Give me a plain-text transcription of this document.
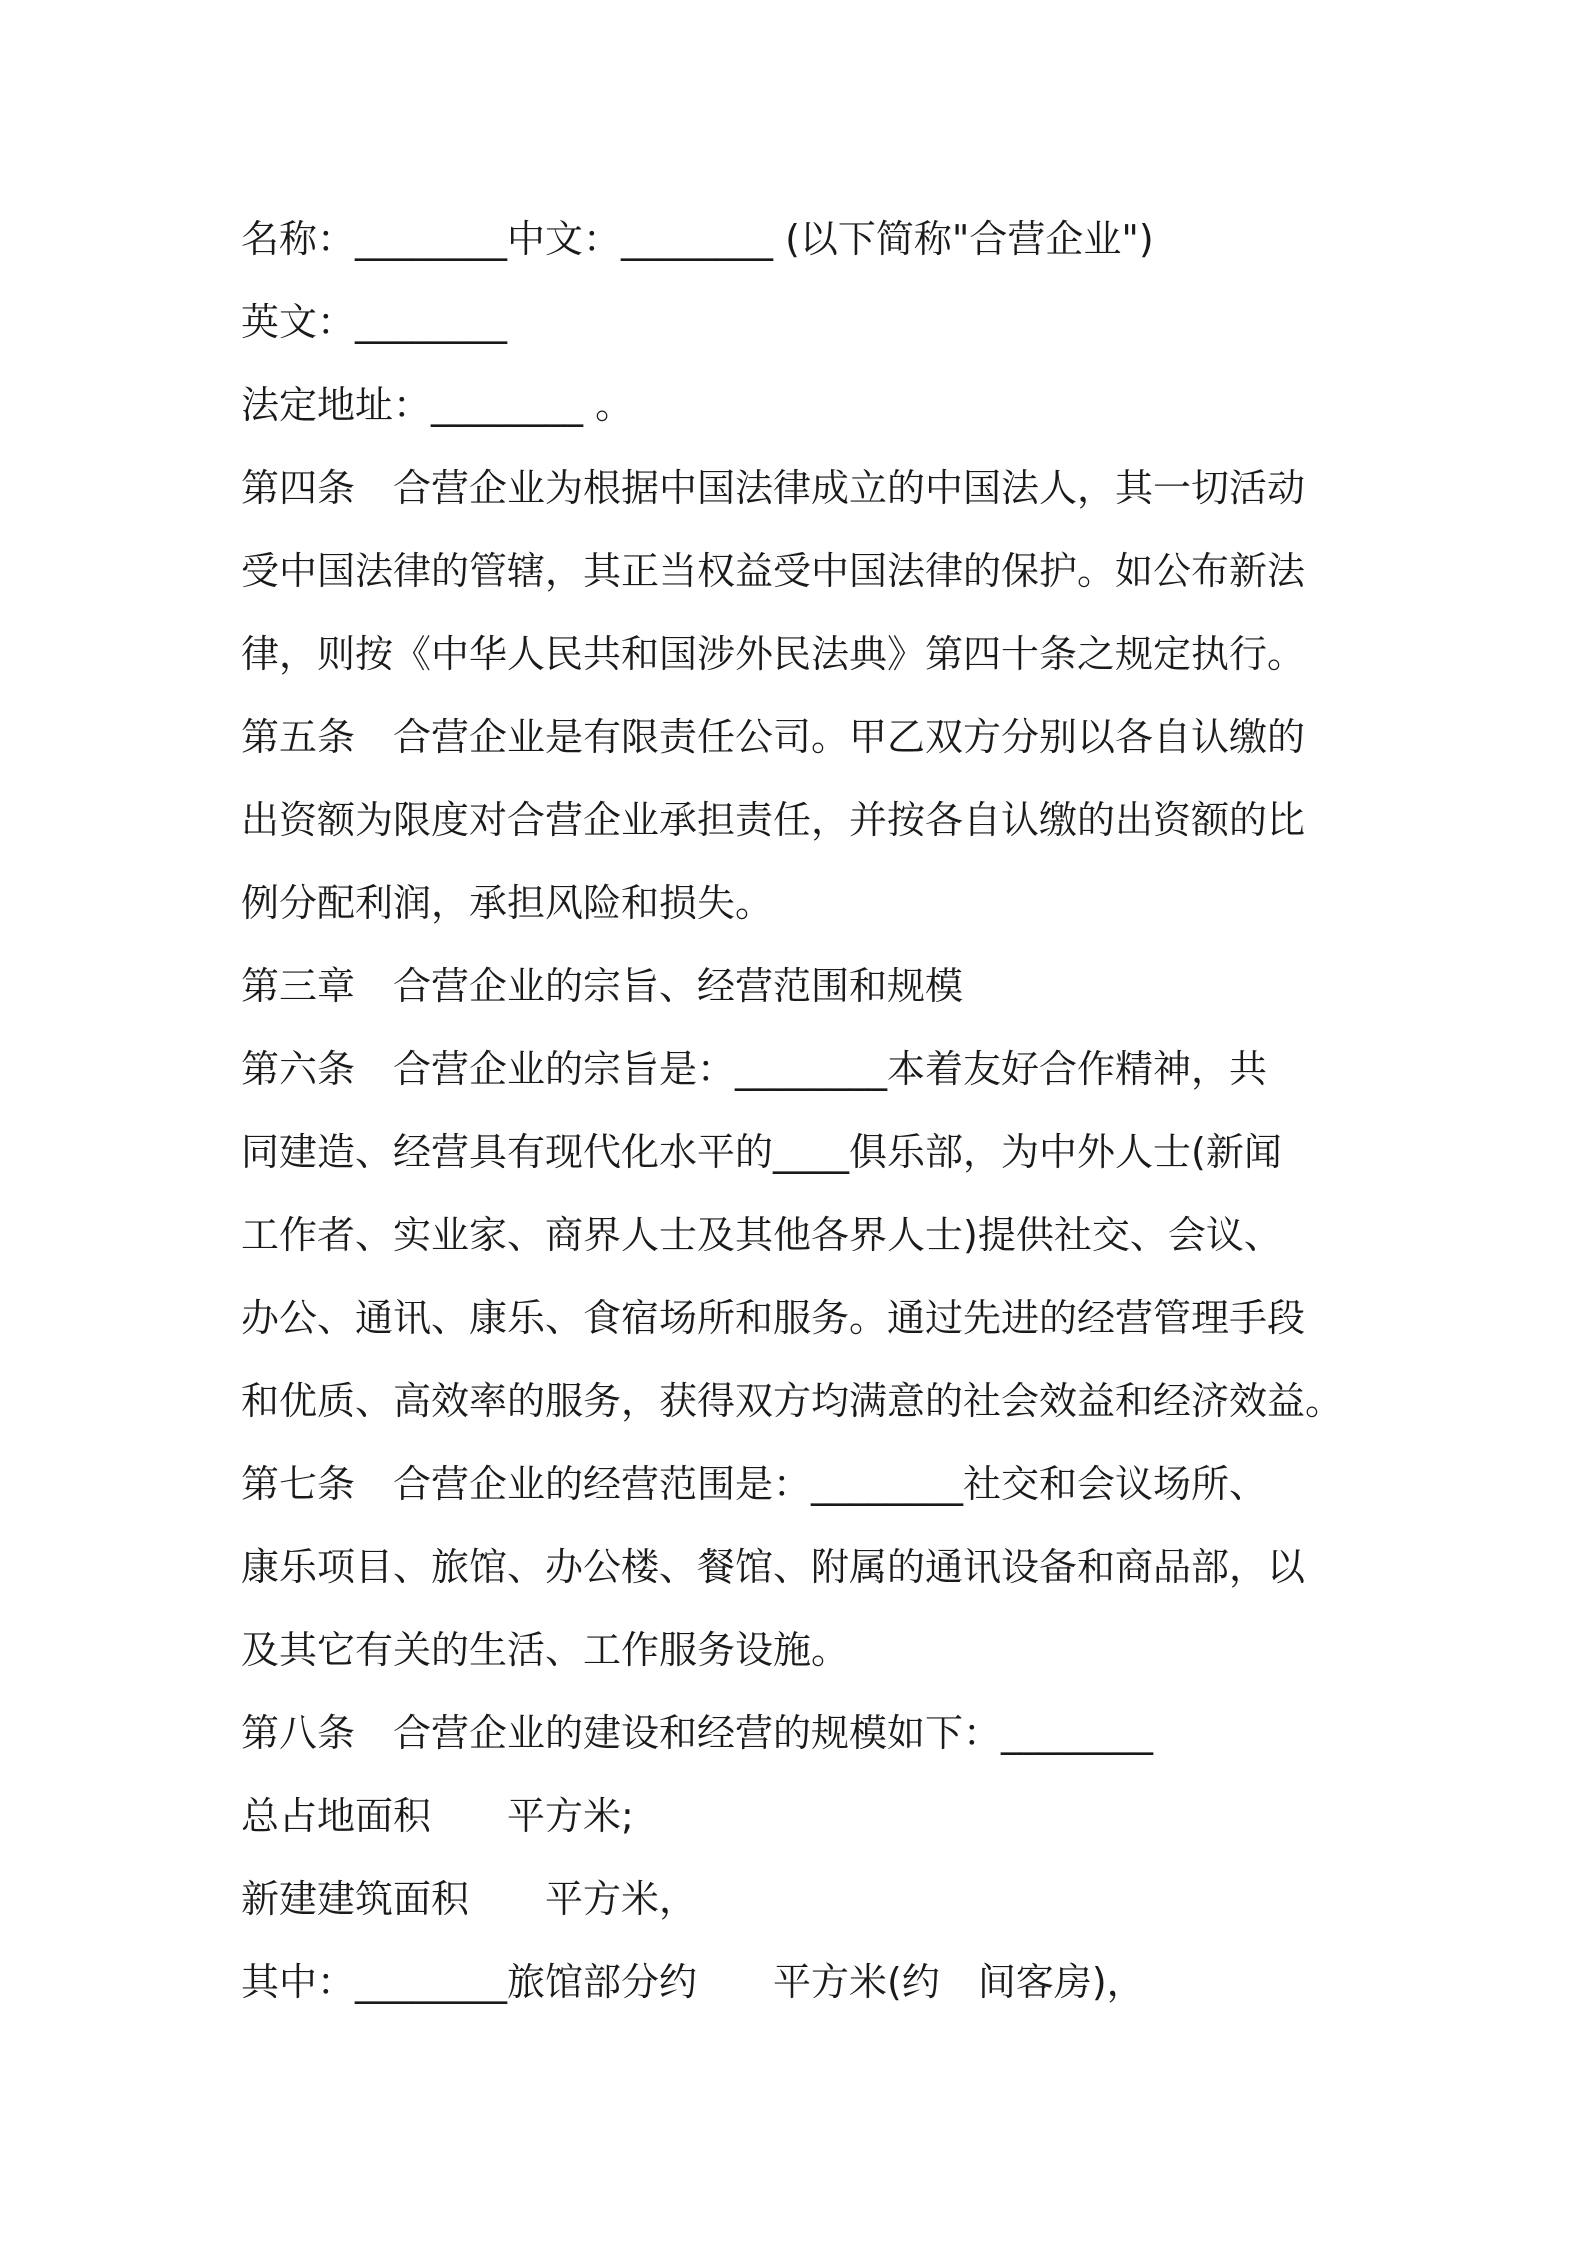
名称：________中文：________ (以下简称"合营企业")
英文：________
法定地址：________ 。
第四条　合营企业为根据中国法律成立的中国法人，其一切活动
受中国法律的管辖，其正当权益受中国法律的保护。如公布新法
律，则按《中华人民共和国涉外民法典》第四十条之规定执行。
第五条　合营企业是有限责任公司。甲乙双方分别以各自认缴的
出资额为限度对合营企业承担责任，并按各自认缴的出资额的比
例分配利润，承担风险和损失。
第三章　合营企业的宗旨、经营范围和规模
第六条　合营企业的宗旨是：________本着友好合作精神，共
同建造、经营具有现代化水平的____俱乐部，为中外人士(新闻
工作者、实业家、商界人士及其他各界人士)提供社交、会议、
办公、通讯、康乐、食宿场所和服务。通过先进的经营管理手段
和优质、高效率的服务，获得双方均满意的社会效益和经济效益。
第七条　合营企业的经营范围是：________社交和会议场所、
康乐项目、旅馆、办公楼、餐馆、附属的通讯设备和商品部，以
及其它有关的生活、工作服务设施。
第八条　合营企业的建设和经营的规模如下：________
总占地面积　　平方米;
新建建筑面积　　平方米，
其中：________旅馆部分约　　平方米(约　间客房)，
